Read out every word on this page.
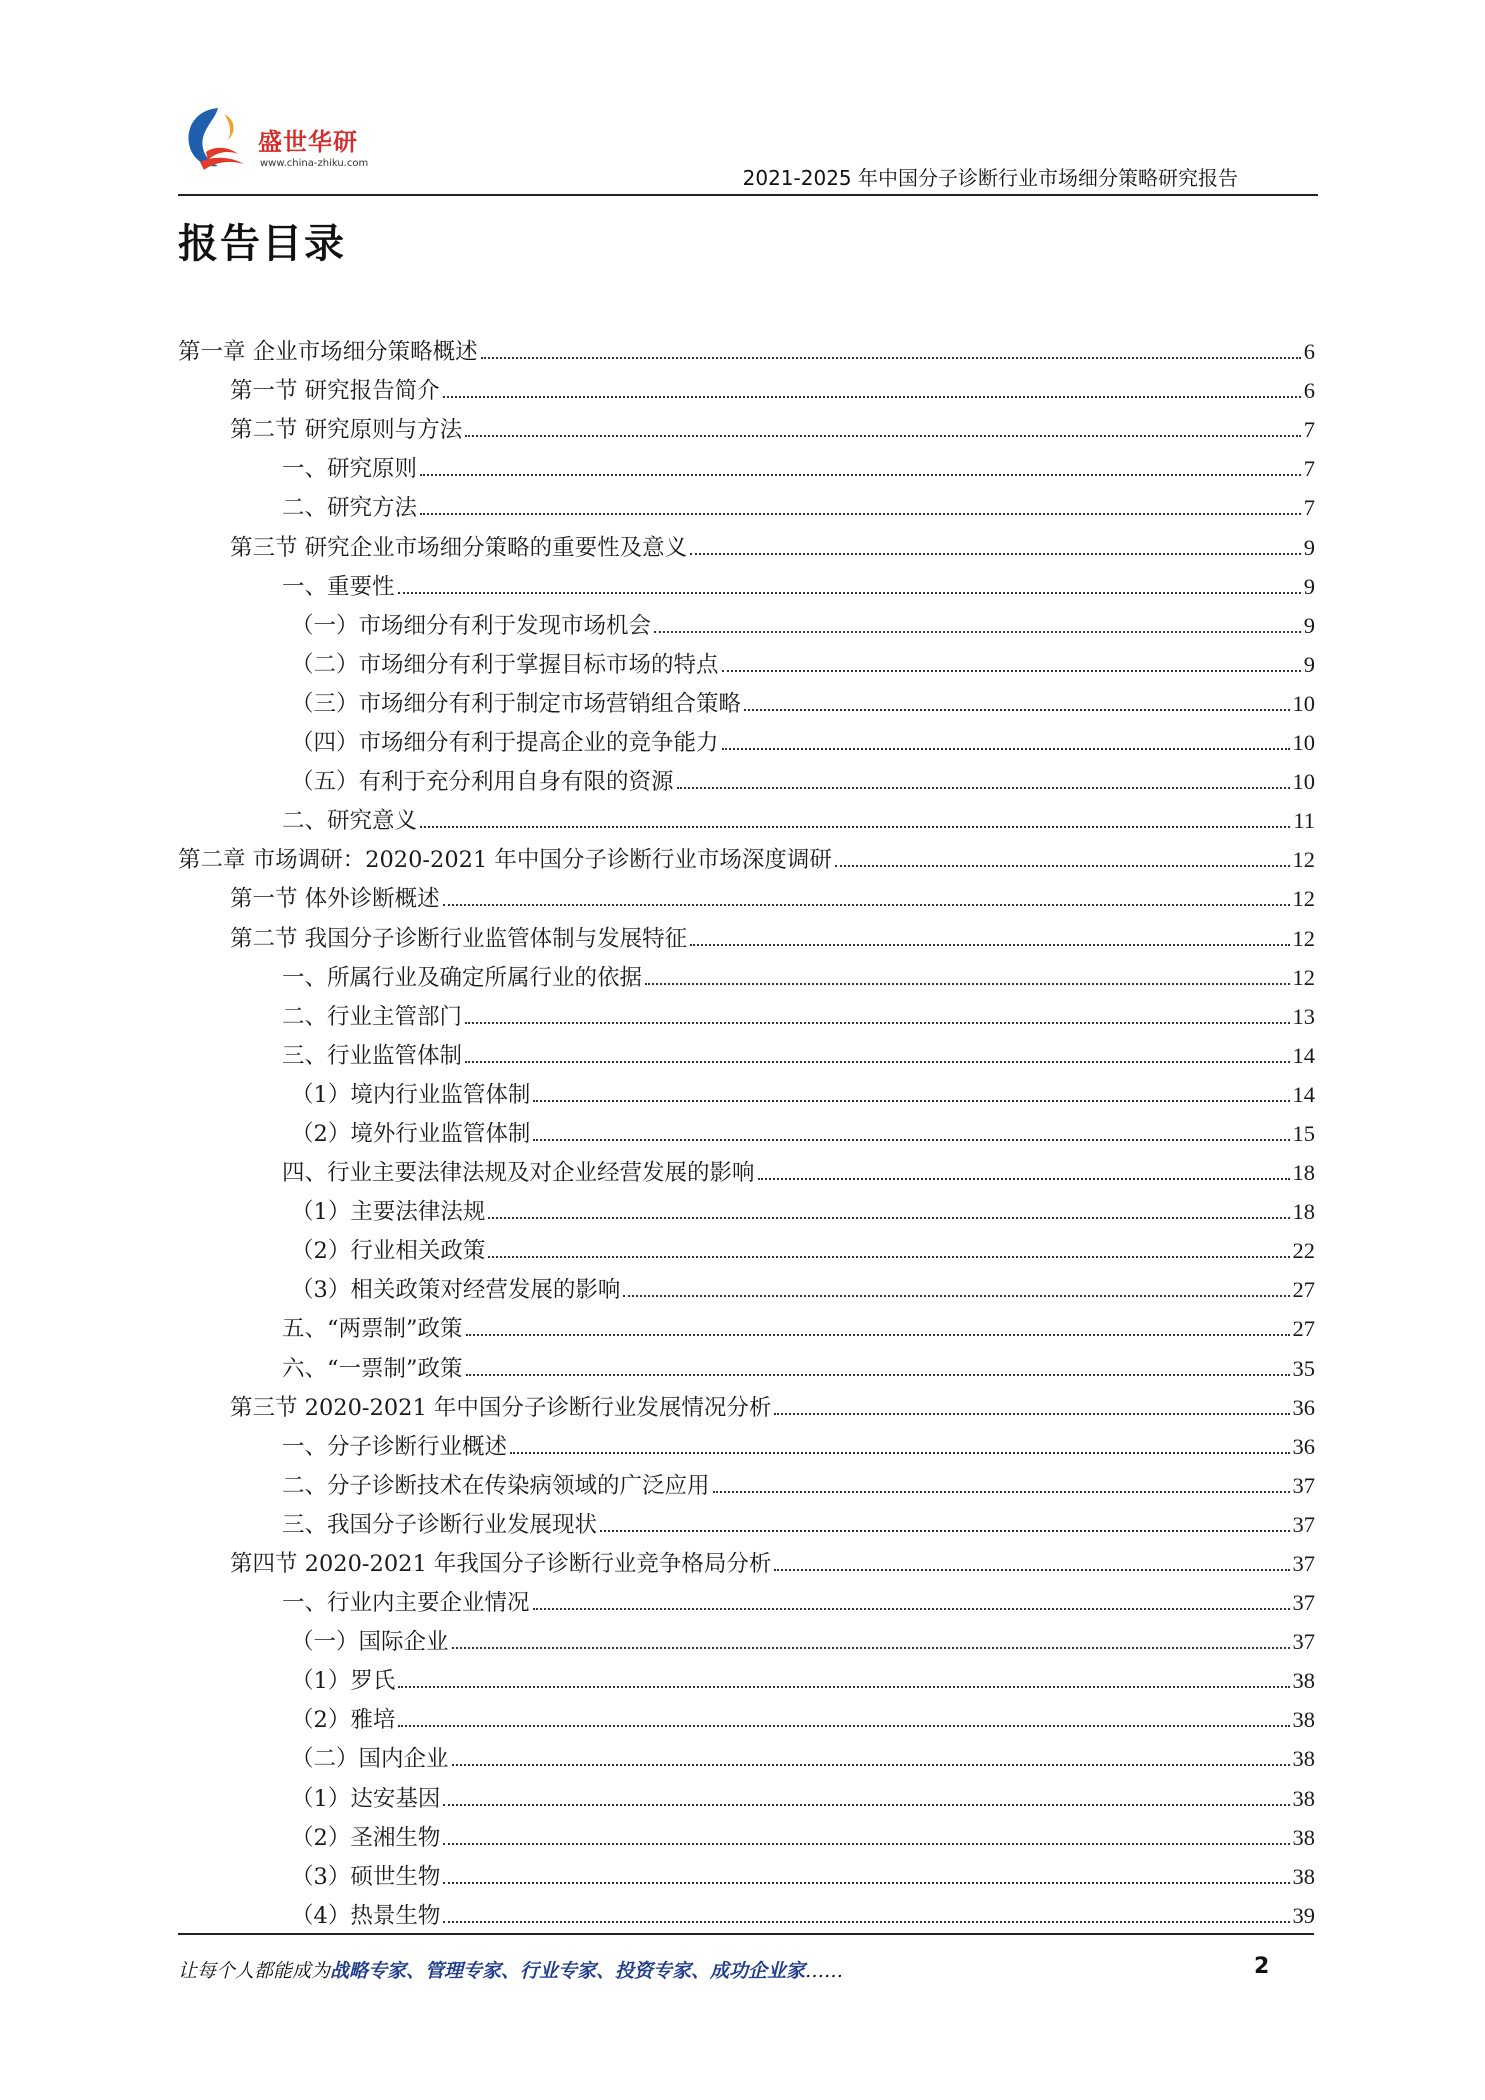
盛世华研
www.china-zhiku.com
2021-2025 年中国分子诊断行业市场细分策略研究报告
报告目录
第一章 企业市场细分策略概述	6
第一节 研究报告简介	6
第二节 研究原则与方法	7
一、研究原则	7
二、研究方法	7
第三节 研究企业市场细分策略的重要性及意义	9
一、重要性	9
（一）市场细分有利于发现市场机会	9
（二）市场细分有利于掌握目标市场的特点	9
（三）市场细分有利于制定市场营销组合策略	10
（四）市场细分有利于提高企业的竞争能力	10
（五）有利于充分利用自身有限的资源	10
二、研究意义	11
第二章 市场调研：2020-2021 年中国分子诊断行业市场深度调研	12
第一节 体外诊断概述	12
第二节 我国分子诊断行业监管体制与发展特征	12
一、所属行业及确定所属行业的依据	12
二、行业主管部门	13
三、行业监管体制	14
（1）境内行业监管体制	14
（2）境外行业监管体制	15
四、行业主要法律法规及对企业经营发展的影响	18
（1）主要法律法规	18
（2）行业相关政策	22
（3）相关政策对经营发展的影响	27
五、“两票制”政策	27
六、“一票制”政策	35
第三节 2020-2021 年中国分子诊断行业发展情况分析	36
一、分子诊断行业概述	36
二、分子诊断技术在传染病领域的广泛应用	37
三、我国分子诊断行业发展现状	37
第四节 2020-2021 年我国分子诊断行业竞争格局分析	37
一、行业内主要企业情况	37
（一）国际企业	37
（1）罗氏	38
（2）雅培	38
（二）国内企业	38
（1）达安基因	38
（2）圣湘生物	38
（3）硕世生物	38
（4）热景生物	39
让每个人都能成为战略专家、管理专家、行业专家、投资专家、成功企业家……	2
